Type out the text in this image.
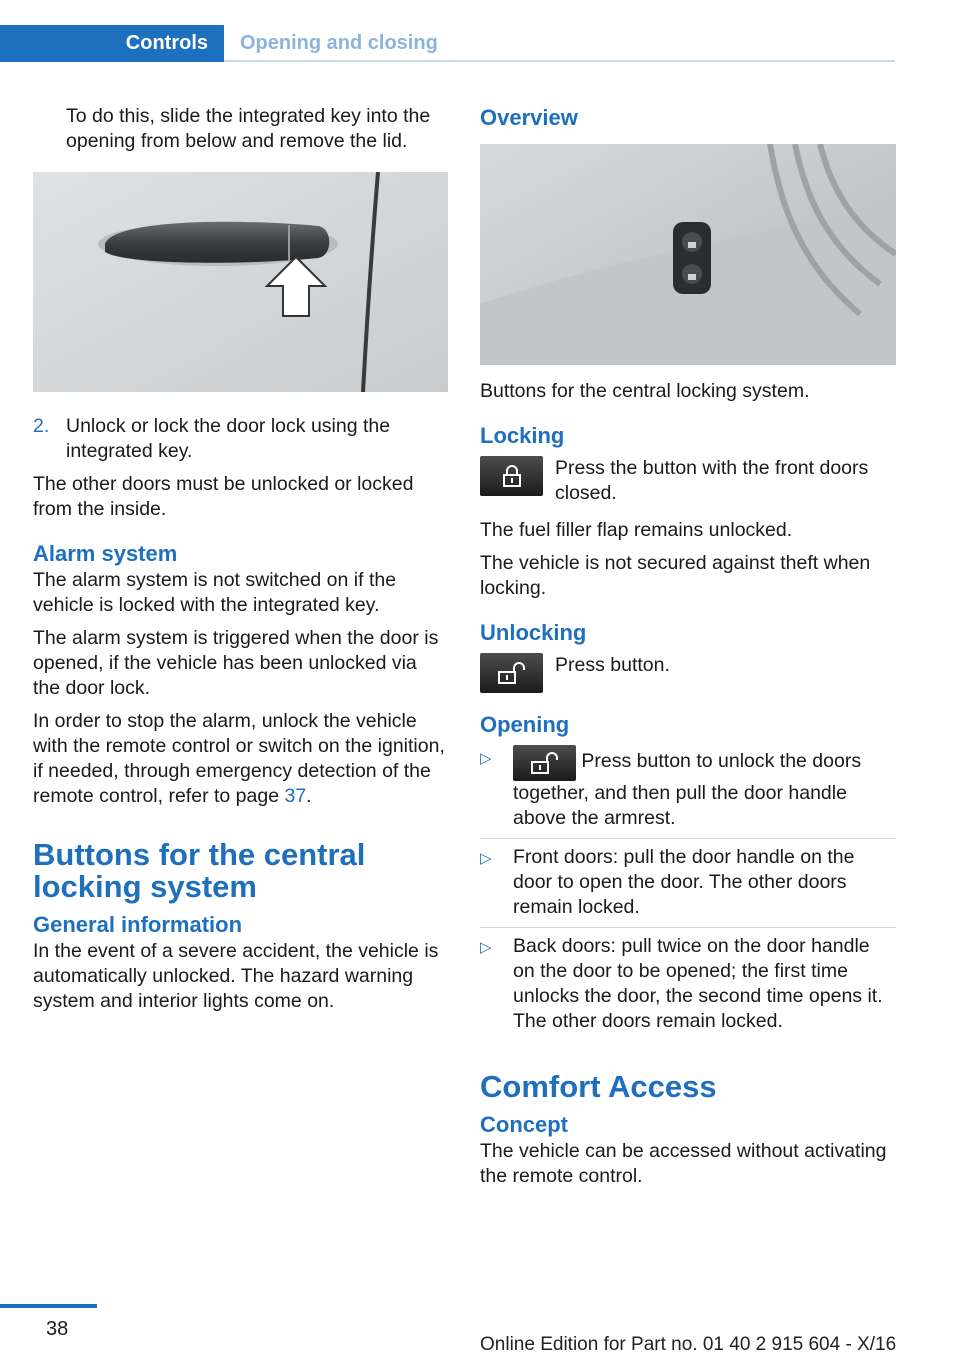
Controls	Opening and closing

To do this, slide the integrated key into the opening from below and remove the lid.

2. Unlock or lock the door lock using the integrated key.

The other doors must be unlocked or locked from the inside.

Alarm system

The alarm system is not switched on if the vehicle is locked with the integrated key.

The alarm system is triggered when the door is opened, if the vehicle has been unlocked via the door lock.

In order to stop the alarm, unlock the vehicle with the remote control or switch on the ignition, if needed, through emergency detection of the remote control, refer to page 37.

Buttons for the central locking system
General information

In the event of a severe accident, the vehicle is automatically unlocked. The hazard warning system and interior lights come on.

Overview

Buttons for the central locking system.

Locking
Press the button with the front doors closed.

The fuel filler flap remains unlocked.

The vehicle is not secured against theft when locking.

Unlocking
Press button.
Opening
▷	Press button to unlock the doors together, and then pull the door handle above the armrest.
▷ Front doors: pull the door handle on the door to open the door. The other doors remain locked.
▷ Back doors: pull twice on the door handle on the door to be opened; the first time unlocks the door, the second time opens it. The other doors remain locked.
Comfort Access
Concept

The vehicle can be accessed without activating the remote control.

38
Online Edition for Part no. 01 40 2 915 604 - X/16
